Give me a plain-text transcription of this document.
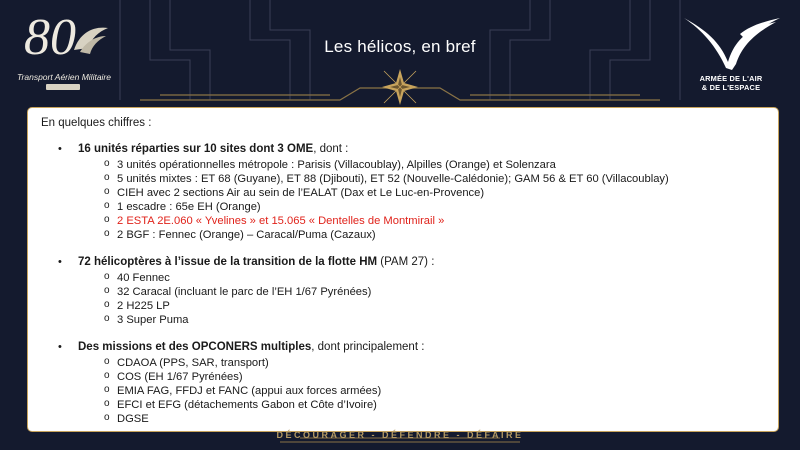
80
Transport Aérien Militaire
Les hélicos, en bref
ARMÉE DE L'AIR
& DE L'ESPACE
En quelques chiffres :
• 16 unités réparties sur 10 sites dont 3 OME, dont :
o 3 unités opérationnelles métropole : Parisis (Villacoublay), Alpilles (Orange) et Solenzara
o 5 unités mixtes : ET 68 (Guyane), ET 88 (Djibouti), ET 52 (Nouvelle-Calédonie); GAM 56 & ET 60 (Villacoublay)
o CIEH avec 2 sections Air au sein de l’EALAT (Dax et Le Luc-en-Provence)
o 1 escadre : 65e EH (Orange)
o 2 ESTA 2E.060 « Yvelines » et 15.065 « Dentelles de Montmirail »
o 2 BGF : Fennec (Orange) – Caracal/Puma (Cazaux)
• 72 hélicoptères à l’issue de la transition de la flotte HM (PAM 27) :
o 40 Fennec
o 32 Caracal (incluant le parc de l’EH 1/67 Pyrénées)
o 2 H225 LP
o 3 Super Puma
• Des missions et des OPCONERS multiples, dont principalement :
o CDAOA (PPS, SAR, transport)
o COS (EH 1/67 Pyrénées)
o EMIA FAG, FFDJ et FANC (appui aux forces armées)
o EFCI et EFG (détachements Gabon et Côte d’Ivoire)
o DGSE
DÉCOURAGER - DÉFENDRE - DÉFAIRE
